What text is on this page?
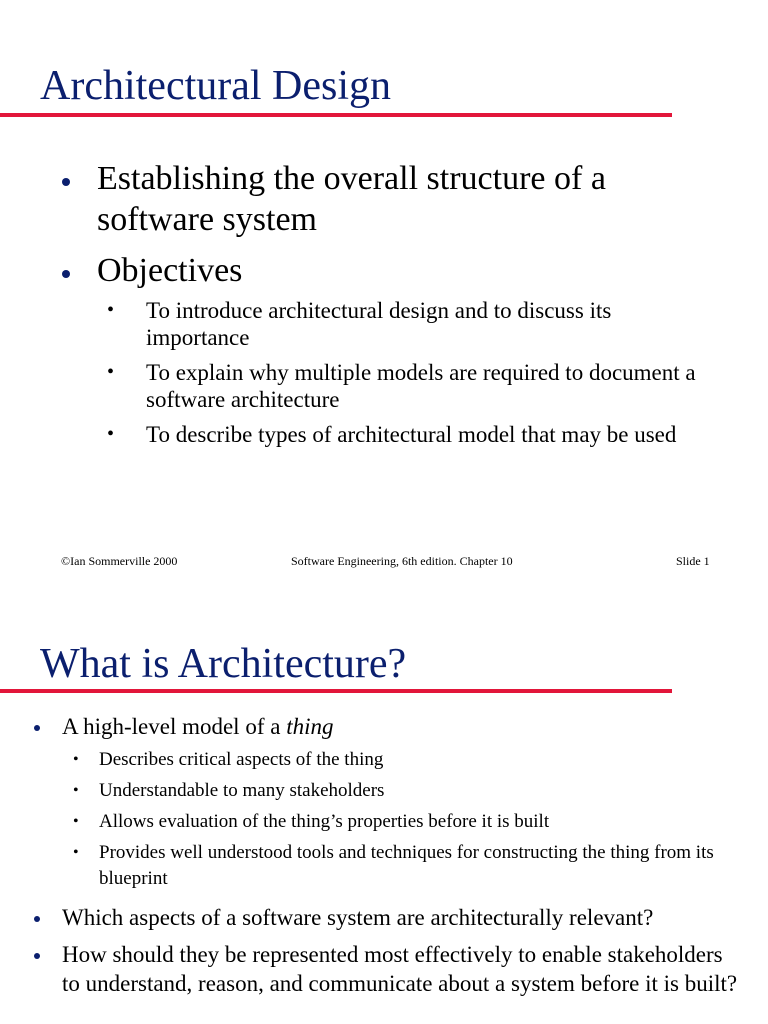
Architectural Design
Establishing the overall structure of a software system
Objectives
• To introduce architectural design and to discuss its importance
• To explain why multiple models are required to document a software architecture
• To describe types of architectural model that may be used
©Ian Sommerville 2000	Software Engineering, 6th edition. Chapter 10	Slide 1
What is Architecture?
A high-level model of a thing
• Describes critical aspects of the thing
• Understandable to many stakeholders
• Allows evaluation of the thing’s properties before it is built
• Provides well understood tools and techniques for constructing the thing from its blueprint
Which aspects of a software system are architecturally relevant?
How should they be represented most effectively to enable stakeholders to understand, reason, and communicate about a system before it is built?
